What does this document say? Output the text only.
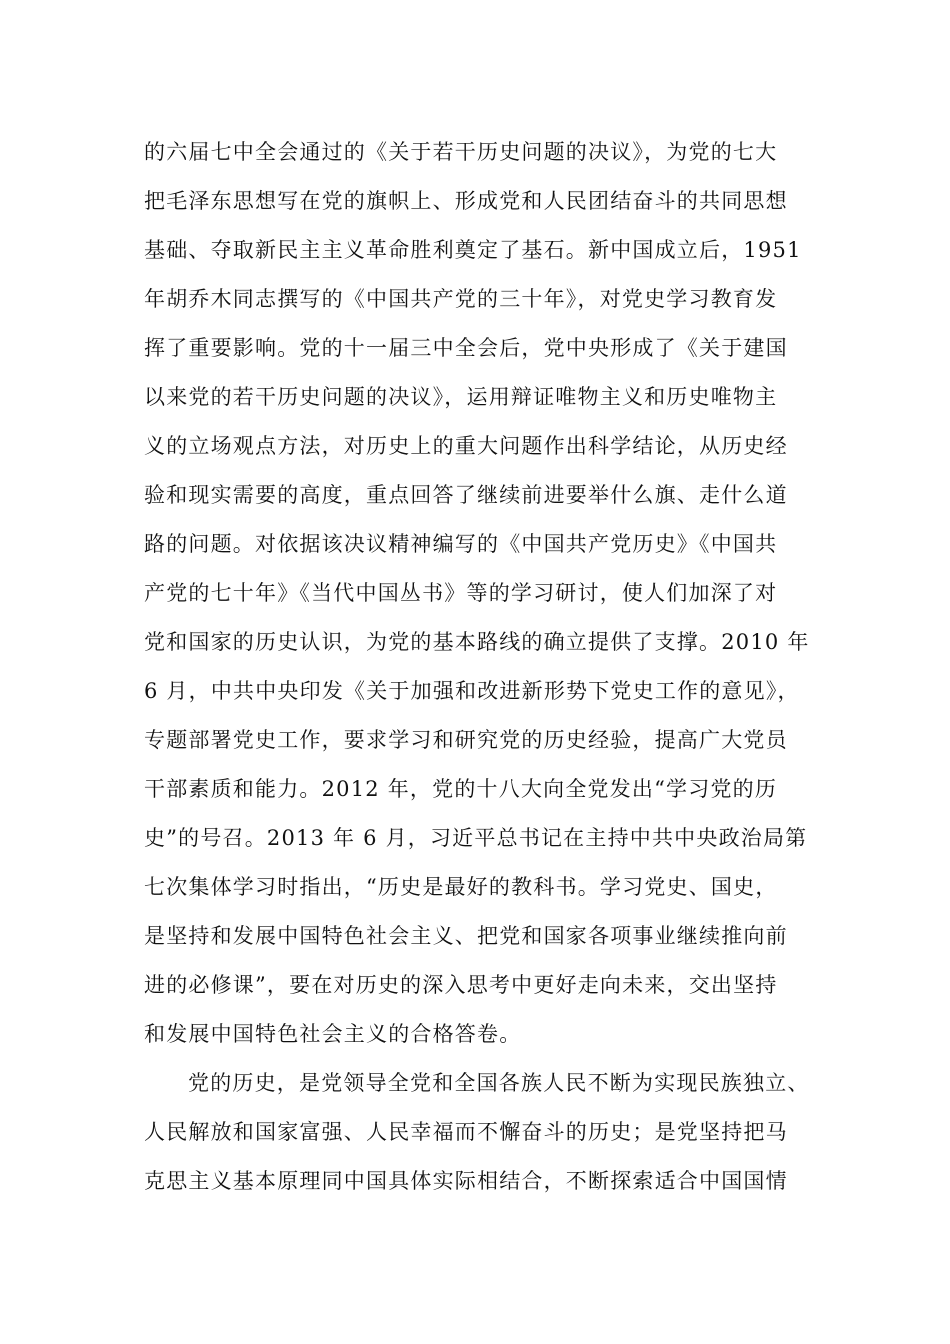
的六届七中全会通过的《关于若干历史问题的决议》，为党的七大
把毛泽东思想写在党的旗帜上、形成党和人民团结奋斗的共同思想
基础、夺取新民主主义革命胜利奠定了基石。新中国成立后，1951
年胡乔木同志撰写的《中国共产党的三十年》，对党史学习教育发
挥了重要影响。党的十一届三中全会后，党中央形成了《关于建国
以来党的若干历史问题的决议》，运用辩证唯物主义和历史唯物主
义的立场观点方法，对历史上的重大问题作出科学结论，从历史经
验和现实需要的高度，重点回答了继续前进要举什么旗、走什么道
路的问题。对依据该决议精神编写的《中国共产党历史》《中国共
产党的七十年》《当代中国丛书》等的学习研讨，使人们加深了对
党和国家的历史认识，为党的基本路线的确立提供了支撑。2010 年
6 月，中共中央印发《关于加强和改进新形势下党史工作的意见》，
专题部署党史工作，要求学习和研究党的历史经验，提高广大党员
干部素质和能力。2012 年，党的十八大向全党发出“学习党的历
史”的号召。2013 年 6 月，习近平总书记在主持中共中央政治局第
七次集体学习时指出，“历史是最好的教科书。学习党史、国史，
是坚持和发展中国特色社会主义、把党和国家各项事业继续推向前
进的必修课”，要在对历史的深入思考中更好走向未来，交出坚持
和发展中国特色社会主义的合格答卷。
党的历史，是党领导全党和全国各族人民不断为实现民族独立、
人民解放和国家富强、人民幸福而不懈奋斗的历史；是党坚持把马
克思主义基本原理同中国具体实际相结合，不断探索适合中国国情
